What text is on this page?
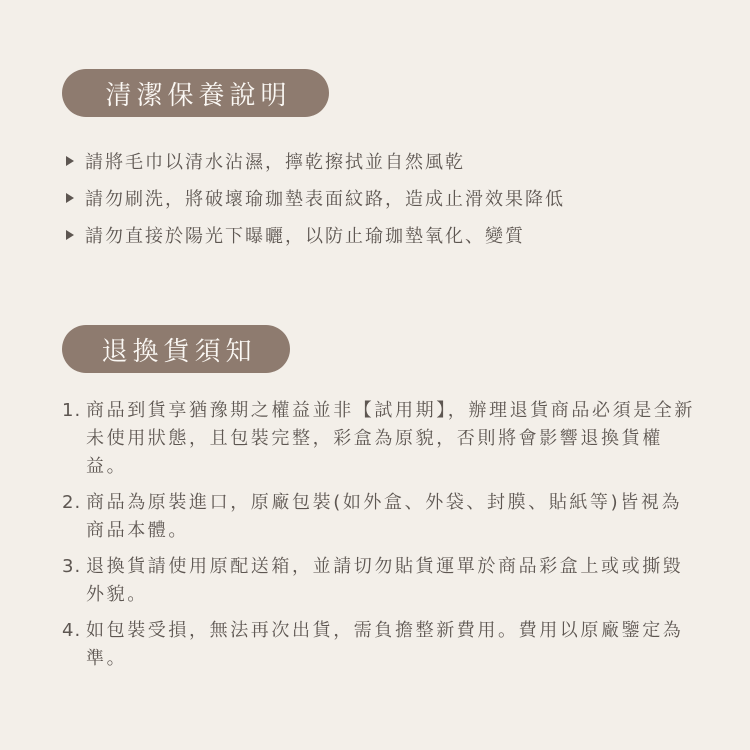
清潔保養說明
請將毛巾以清水沾濕，擰乾擦拭並自然風乾
請勿刷洗，將破壞瑜珈墊表面紋路，造成止滑效果降低
請勿直接於陽光下曝曬，以防止瑜珈墊氧化、變質
退換貨須知
1. 商品到貨享猶豫期之權益並非【試用期】，辦理退貨商品必須是全新未使用狀態，且包裝完整，彩盒為原貌，否則將會影響退換貨權益。
2. 商品為原裝進口，原廠包裝(如外盒、外袋、封膜、貼紙等)皆視為商品本體。
3. 退換貨請使用原配送箱，並請切勿貼貨運單於商品彩盒上或或撕毀外貌。
4. 如包裝受損，無法再次出貨，需負擔整新費用。費用以原廠鑒定為準。
